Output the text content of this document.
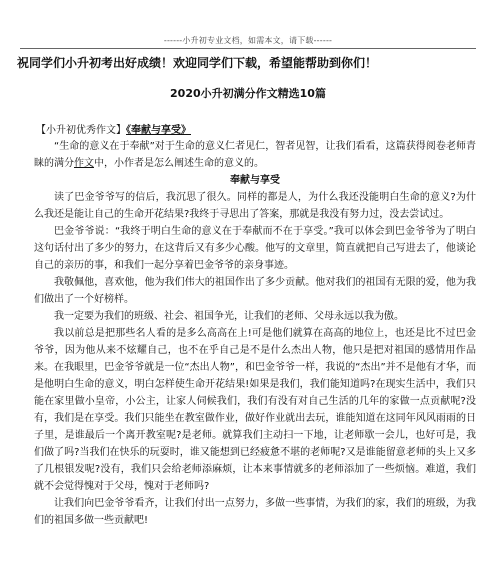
------小升初专业文档，如需本文，请下载------
祝同学们小升初考出好成绩！欢迎同学们下载，希望能帮助到你们！
2020小升初满分作文精选10篇
【小升初优秀作文】《奉献与享受》

“生命的意义在于奉献”对于生命的意义仁者见仁，智者见智，让我们看看，这篇获得阅卷老师青睐的满分作文中，小作者是怎么阐述生命的意义的。

奉献与享受

读了巴金爷爷写的信后，我沉思了很久。同样的都是人，为什么我还没能明白生命的意义?为什么我还是能让自己的生命开花结果?我终于寻思出了答案，那就是我没有努力过，没去尝试过。

巴金爷爷说：“我终于明白生命的意义在于奉献而不在于享受。”我可以体会到巴金爷爷为了明白这句话付出了多少的努力，在这背后又有多少心酸。他写的文章里，简直就把自己写进去了，他谈论自己的亲历的事，和我们一起分享着巴金爷爷的亲身事迹。

我敬佩他，喜欢他，他为我们伟大的祖国作出了多少贡献。他对我们的祖国有无限的爱，他为我们做出了一个好榜样。

我一定要为我们的班级、社会、祖国争光，让我们的老师、父母永远以我为傲。

我以前总是把那些名人看的是多么高高在上!可是他们就算在高高的地位上，也还是比不过巴金爷爷，因为他从来不炫耀自己，也不在乎自己是不是什么杰出人物，他只是把对祖国的感情用作品来。在我眼里，巴金爷爷就是一位“杰出人物”，和巴金爷爷一样，我说的“杰出”并不是他有才华，而是他明白生命的意义，明白怎样使生命开花结果!如果是我们，我们能知道吗?在现实生活中，我们只能在家里做小皇帝，小公主，让家人伺候我们，我们有没有对自己生活的几年的家做一点贡献呢?没有，我们是在享受。我们只能坐在教室做作业，做好作业就出去玩，谁能知道在这同年风风雨雨的日子里，是谁最后一个离开教室呢?是老师。就算我们主动扫一下地，让老师歇一会儿，也好可是，我们做了吗?当我们在快乐的玩耍时，谁又能想到已经疲惫不堪的老师呢?又是谁能留意老师的头上又多了几根银发呢?没有，我们只会给老师添麻烦，让本来事情就多的老师添加了一些烦恼。难道，我们就不会觉得愧对于父母，愧对于老师吗?

让我们向巴金爷爷看齐，让我们付出一点努力，多做一些事情，为我们的家，我们的班级，为我们的祖国多做一些贡献吧!
